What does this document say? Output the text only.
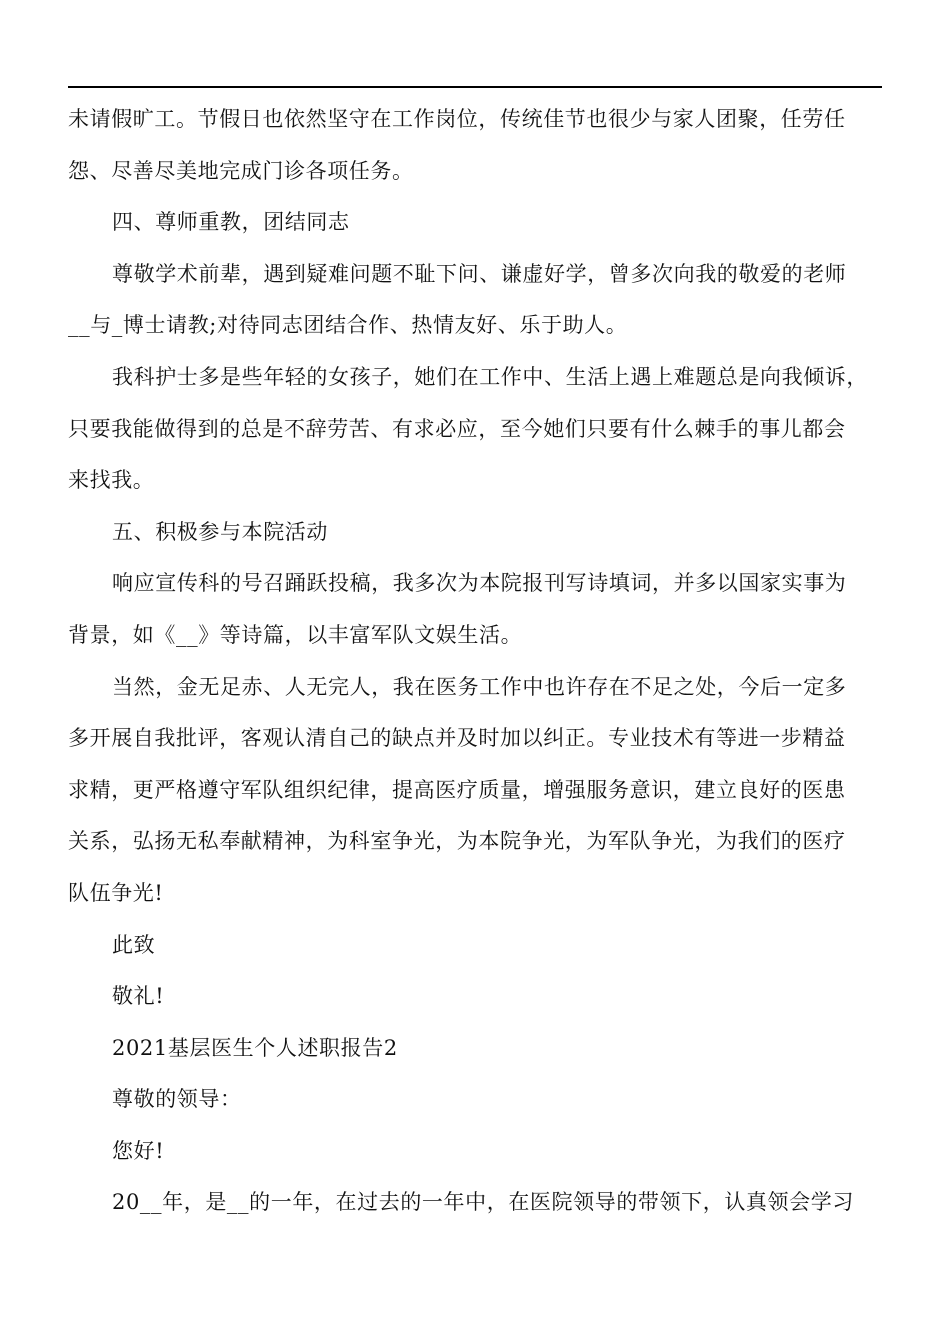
未请假旷工。节假日也依然坚守在工作岗位，传统佳节也很少与家人团聚，任劳任
怨、尽善尽美地完成门诊各项任务。
四、尊师重教，团结同志
尊敬学术前辈，遇到疑难问题不耻下问、谦虚好学，曾多次向我的敬爱的老师
__与_博士请教;对待同志团结合作、热情友好、乐于助人。
我科护士多是些年轻的女孩子，她们在工作中、生活上遇上难题总是向我倾诉，
只要我能做得到的总是不辞劳苦、有求必应，至今她们只要有什么棘手的事儿都会
来找我。
五、积极参与本院活动
响应宣传科的号召踊跃投稿，我多次为本院报刊写诗填词，并多以国家实事为
背景，如《__》等诗篇，以丰富军队文娱生活。
当然，金无足赤、人无完人，我在医务工作中也许存在不足之处，今后一定多
多开展自我批评，客观认清自己的缺点并及时加以纠正。专业技术有等进一步精益
求精，更严格遵守军队组织纪律，提高医疗质量，增强服务意识，建立良好的医患
关系，弘扬无私奉献精神，为科室争光，为本院争光，为军队争光，为我们的医疗
队伍争光!
此致
敬礼!
2021基层医生个人述职报告2
尊敬的领导：
您好!
20__年，是__的一年，在过去的一年中，在医院领导的带领下，认真领会学习
